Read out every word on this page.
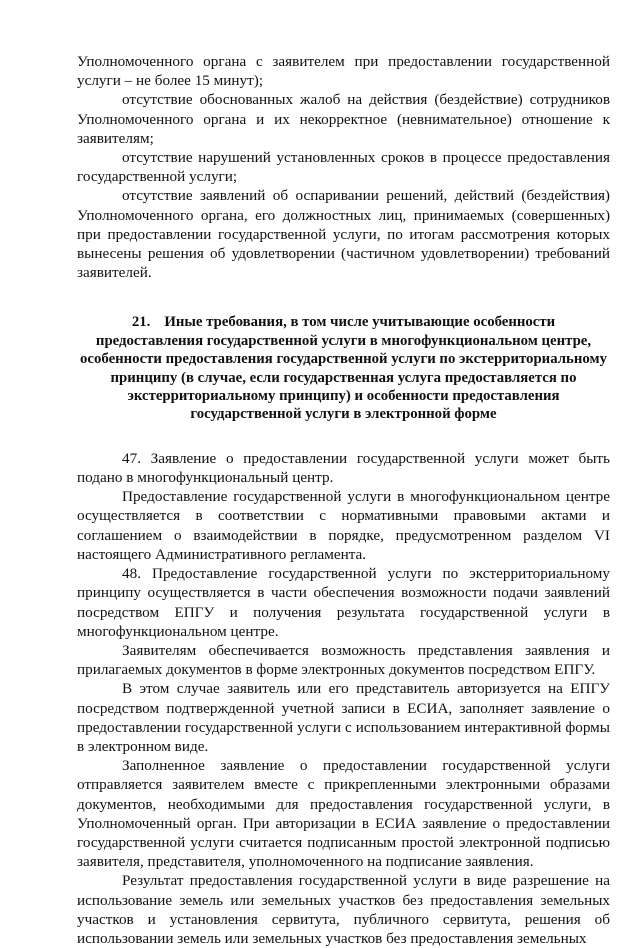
Уполномоченного органа с заявителем при предоставлении государственной услуги – не более 15 минут);

отсутствие обоснованных жалоб на действия (бездействие) сотрудников Уполномоченного органа и их некорректное (невнимательное) отношение к заявителям;

отсутствие нарушений установленных сроков в процессе предоставления государственной услуги;

отсутствие заявлений об оспаривании решений, действий (бездействия) Уполномоченного органа, его должностных лиц, принимаемых (совершенных) при предоставлении государственной услуги, по итогам рассмотрения которых вынесены решения об удовлетворении (частичном удовлетворении) требований заявителей.

21. Иные требования, в том числе учитывающие особенности предоставления государственной услуги в многофункциональном центре, особенности предоставления государственной услуги по экстерриториальному принципу (в случае, если государственная услуга предоставляется по экстерриториальному принципу) и особенности предоставления государственной услуги в электронной форме

47. Заявление о предоставлении государственной услуги может быть подано в многофункциональный центр.

Предоставление государственной услуги в многофункциональном центре осуществляется в соответствии с нормативными правовыми актами и соглашением о взаимодействии в порядке, предусмотренном разделом VI настоящего Административного регламента.

48. Предоставление государственной услуги по экстерриториальному принципу осуществляется в части обеспечения возможности подачи заявлений посредством ЕПГУ и получения результата государственной услуги в многофункциональном центре.

Заявителям обеспечивается возможность представления заявления и прилагаемых документов в форме электронных документов посредством ЕПГУ.

В этом случае заявитель или его представитель авторизуется на ЕПГУ посредством подтвержденной учетной записи в ЕСИА, заполняет заявление о предоставлении государственной услуги с использованием интерактивной формы в электронном виде.

Заполненное заявление о предоставлении государственной услуги отправляется заявителем вместе с прикрепленными электронными образами документов, необходимыми для предоставления государственной услуги, в Уполномоченный орган. При авторизации в ЕСИА заявление о предоставлении государственной услуги считается подписанным простой электронной подписью заявителя, представителя, уполномоченного на подписание заявления.

Результат предоставления государственной услуги в виде разрешение на использование земель или земельных участков без предоставления земельных участков и установления сервитута, публичного сервитута, решения об использовании земель или земельных участков без предоставления земельных
